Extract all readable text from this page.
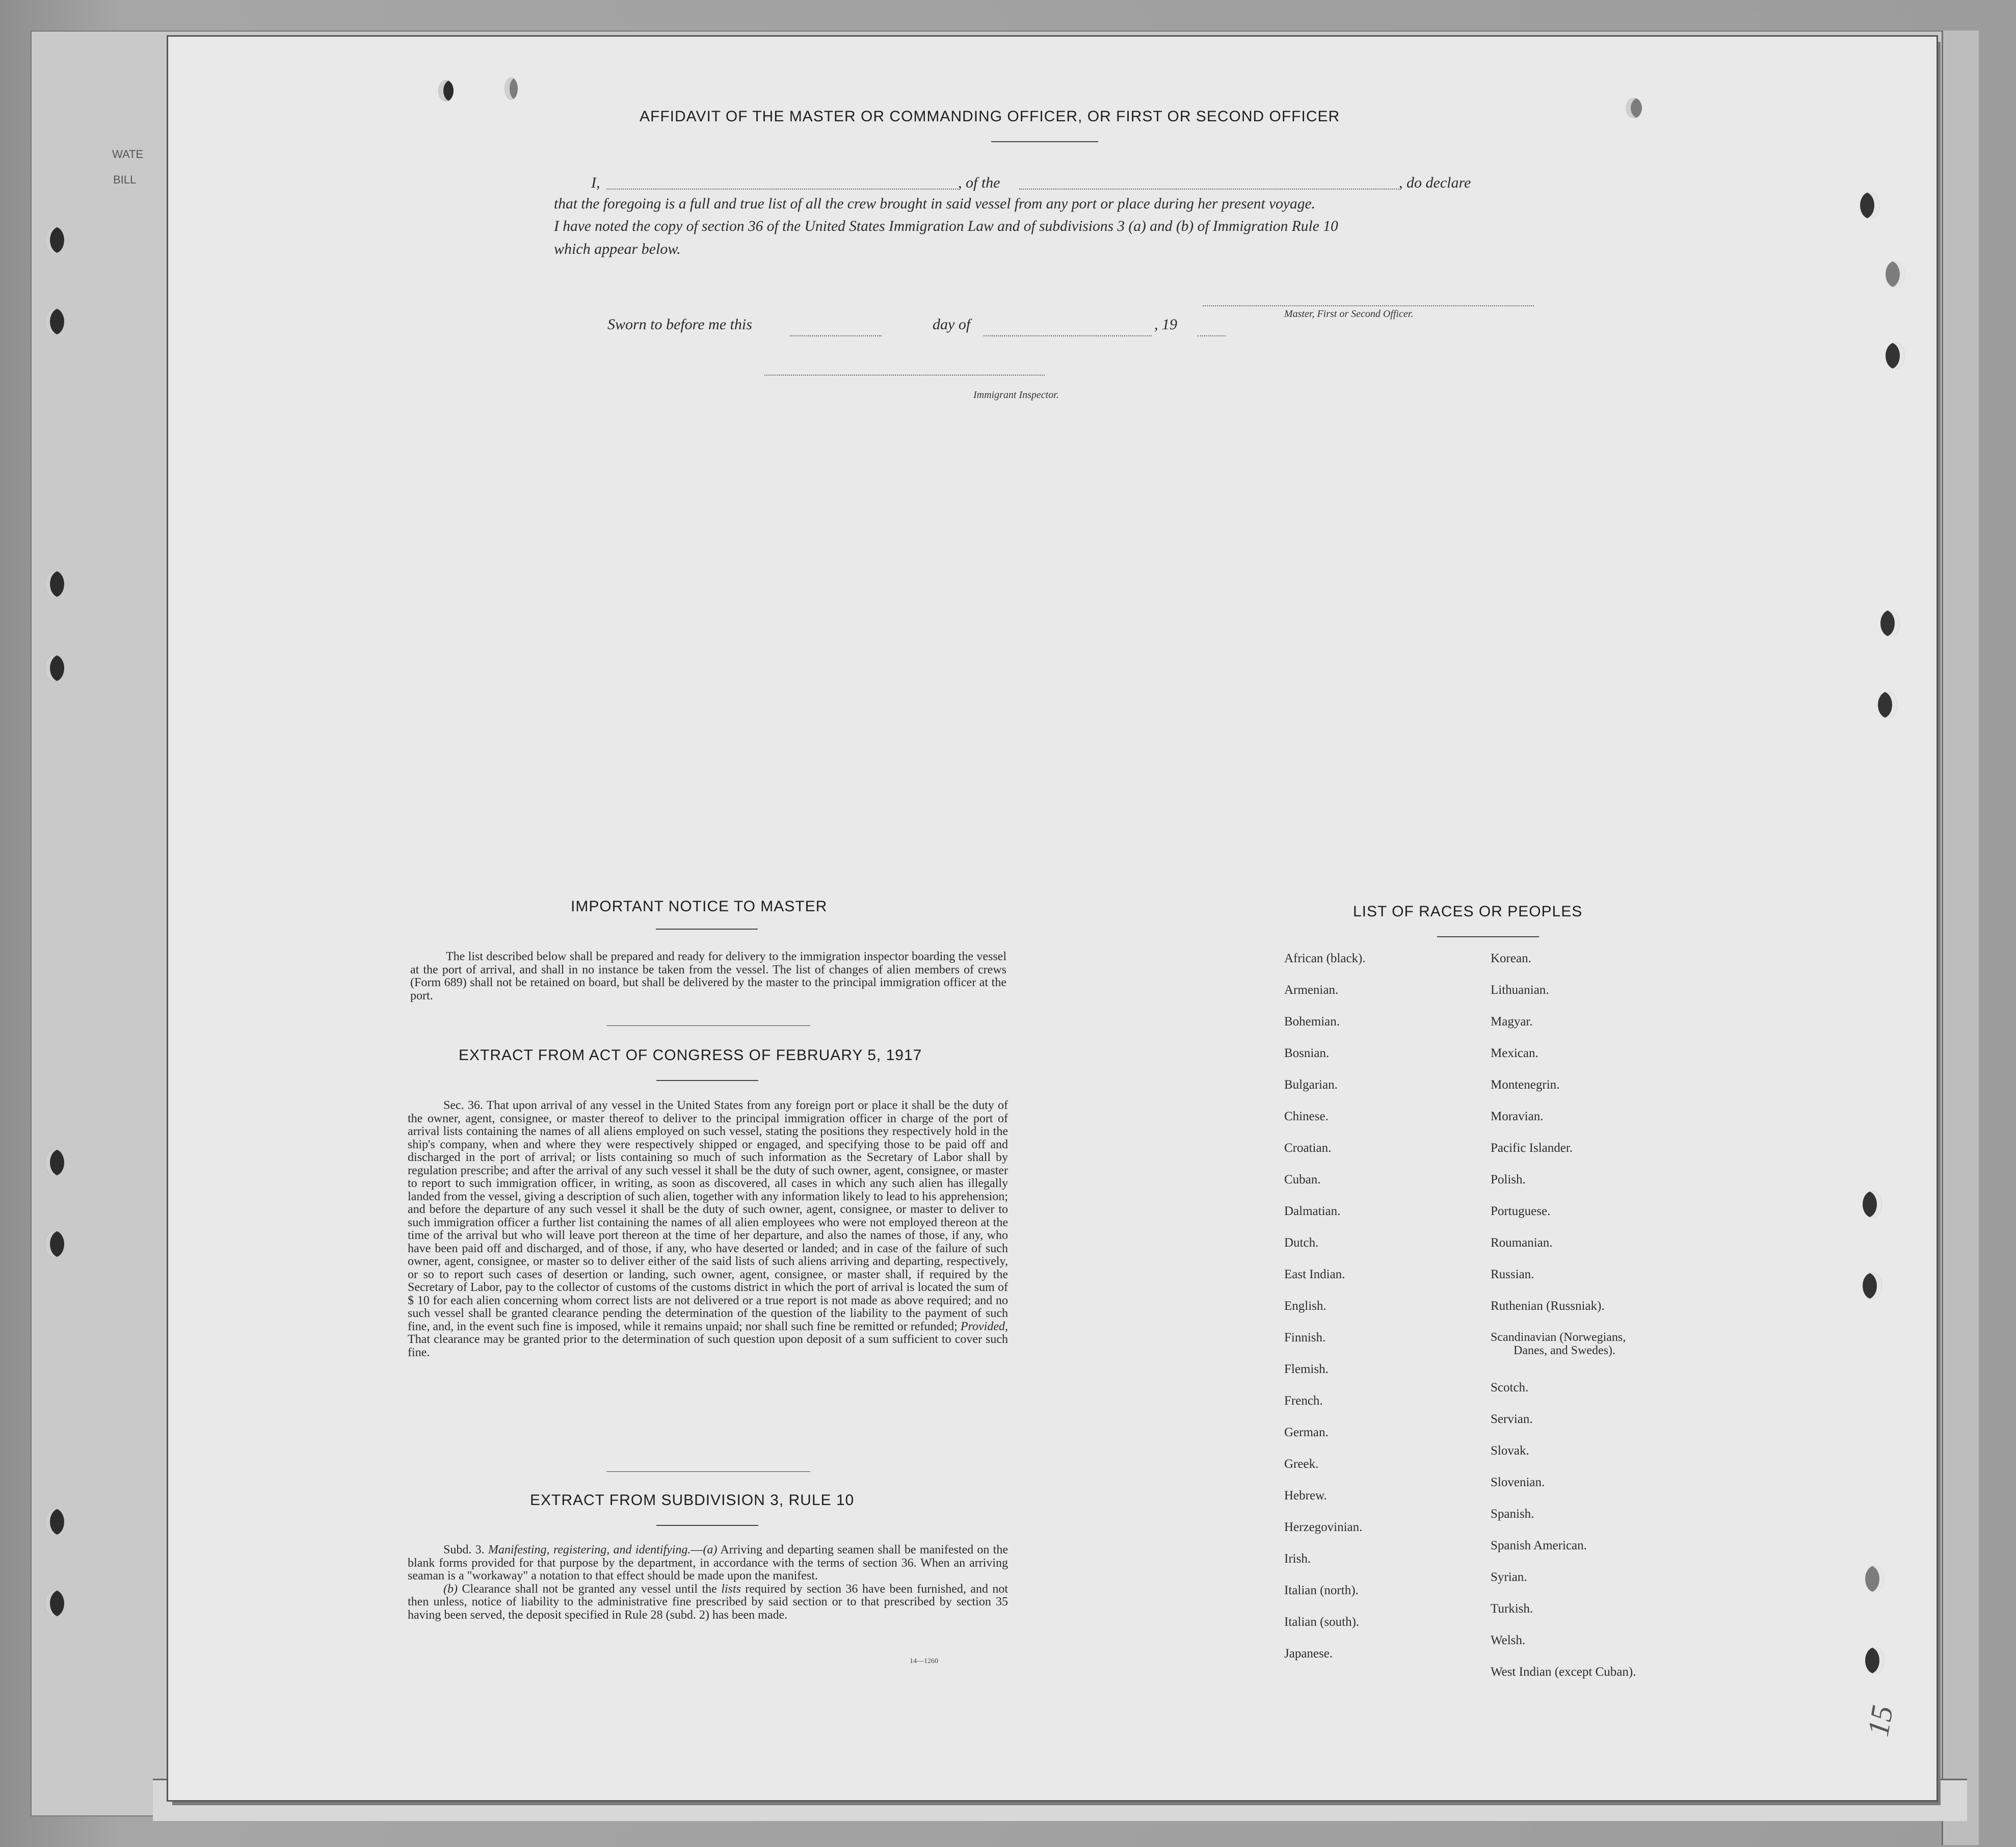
WATE
BILL
AFFIDAVIT OF THE MASTER OR COMMANDING OFFICER, OR FIRST OR SECOND OFFICER
I,	, of the	, do declare
that the foregoing is a full and true list of all the crew brought in said vessel from any port or place during her present voyage.
I have noted the copy of section 36 of the United States Immigration Law and of subdivisions 3 (a) and (b) of Immigration Rule 10
which appear below.
Master, First or Second Officer.
Sworn to before me this	day of	, 19
Immigrant Inspector.
IMPORTANT NOTICE TO MASTER

The list described below shall be prepared and ready for delivery to the immigration inspector boarding the vessel at the port of arrival, and shall in no instance be taken from the vessel. The list of changes of alien members of crews (Form 689) shall not be retained on board, but shall be delivered by the master to the principal immigration officer at the port.

EXTRACT FROM ACT OF CONGRESS OF FEBRUARY 5, 1917

Sec. 36. That upon arrival of any vessel in the United States from any foreign port or place it shall be the duty of the owner, agent, consignee, or master thereof to deliver to the principal immigration officer in charge of the port of arrival lists containing the names of all aliens employed on such vessel, stating the positions they respectively hold in the ship's company, when and where they were respectively shipped or engaged, and specifying those to be paid off and discharged in the port of arrival; or lists containing so much of such information as the Secretary of Labor shall by regulation prescribe; and after the arrival of any such vessel it shall be the duty of such owner, agent, consignee, or master to report to such immigration officer, in writing, as soon as discovered, all cases in which any such alien has illegally landed from the vessel, giving a description of such alien, together with any information likely to lead to his apprehension; and before the departure of any such vessel it shall be the duty of such owner, agent, consignee, or master to deliver to such immigration officer a further list containing the names of all alien employees who were not employed thereon at the time of the arrival but who will leave port thereon at the time of her departure, and also the names of those, if any, who have been paid off and discharged, and of those, if any, who have deserted or landed; and in case of the failure of such owner, agent, consignee, or master so to deliver either of the said lists of such aliens arriving and departing, respectively, or so to report such cases of desertion or landing, such owner, agent, consignee, or master shall, if required by the Secretary of Labor, pay to the collector of customs of the customs district in which the port of arrival is located the sum of $ 10 for each alien concerning whom correct lists are not delivered or a true report is not made as above required; and no such vessel shall be granted clearance pending the determination of the question of the liability to the payment of such fine, and, in the event such fine is imposed, while it remains unpaid; nor shall such fine be remitted or refunded; Provided, That clearance may be granted prior to the determination of such question upon deposit of a sum sufficient to cover such fine.

EXTRACT FROM SUBDIVISION 3, RULE 10

Subd. 3. Manifesting, registering, and identifying.—(a) Arriving and departing seamen shall be manifested on the blank forms provided for that purpose by the department, in accordance with the terms of section 36. When an arriving seaman is a "workaway" a notation to that effect should be made upon the manifest.

(b) Clearance shall not be granted any vessel until the lists required by section 36 have been furnished, and not then unless, notice of liability to the administrative fine prescribed by said section or to that prescribed by section 35 having been served, the deposit specified in Rule 28 (subd. 2) has been made.

14—1260
LIST OF RACES OR PEOPLES
15
African (black).
Armenian.
Bohemian.
Bosnian.
Bulgarian.
Chinese.
Croatian.
Cuban.
Dalmatian.
Dutch.
East Indian.
English.
Finnish.
Flemish.
French.
German.
Greek.
Hebrew.
Herzegovinian.
Irish.
Italian (north).
Italian (south).
Japanese.
Korean.
Lithuanian.
Magyar.
Mexican.
Montenegrin.
Moravian.
Pacific Islander.
Polish.
Portuguese.
Roumanian.
Russian.
Ruthenian (Russniak).
Scandinavian (Norwegians,
Danes, and Swedes).
Scotch.
Servian.
Slovak.
Slovenian.
Spanish.
Spanish American.
Syrian.
Turkish.
Welsh.
West Indian (except Cuban).
